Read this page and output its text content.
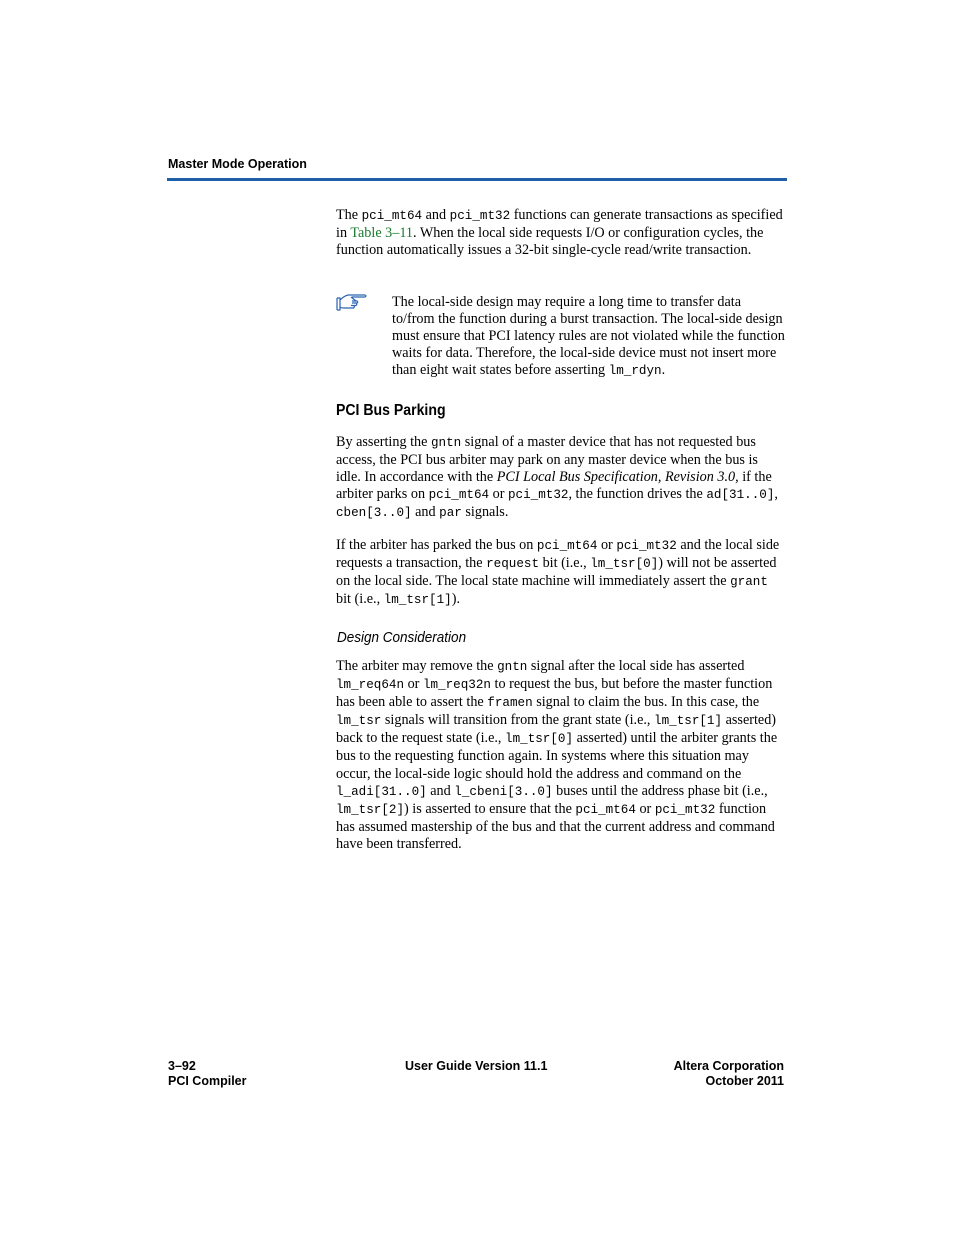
Master Mode Operation

The pci_mt64 and pci_mt32 functions can generate transactions as specified in Table 3–11. When the local side requests I/O or configuration cycles, the function automatically issues a 32-bit single-cycle read/write transaction.

The local-side design may require a long time to transfer data to/from the function during a burst transaction. The local-side design must ensure that PCI latency rules are not violated while the function waits for data. Therefore, the local-side device must not insert more than eight wait states before asserting lm_rdyn.

PCI Bus Parking

By asserting the gntn signal of a master device that has not requested bus access, the PCI bus arbiter may park on any master device when the bus is idle. In accordance with the PCI Local Bus Specification, Revision 3.0, if the arbiter parks on pci_mt64 or pci_mt32, the function drives the ad[31..0], cben[3..0] and par signals.

If the arbiter has parked the bus on pci_mt64 or pci_mt32 and the local side requests a transaction, the request bit (i.e., lm_tsr[0]) will not be asserted on the local side. The local state machine will immediately assert the grant bit (i.e., lm_tsr[1]).

Design Consideration

The arbiter may remove the gntn signal after the local side has asserted lm_req64n or lm_req32n to request the bus, but before the master function has been able to assert the framen signal to claim the bus. In this case, the lm_tsr signals will transition from the grant state (i.e., lm_tsr[1] asserted) back to the request state (i.e., lm_tsr[0] asserted) until the arbiter grants the bus to the requesting function again. In systems where this situation may occur, the local-side logic should hold the address and command on the l_adi[31..0] and l_cbeni[3..0] buses until the address phase bit (i.e., lm_tsr[2]) is asserted to ensure that the pci_mt64 or pci_mt32 function has assumed mastership of the bus and that the current address and command have been transferred.

3–92
PCI Compiler
User Guide Version 11.1	Altera Corporation
October 2011
